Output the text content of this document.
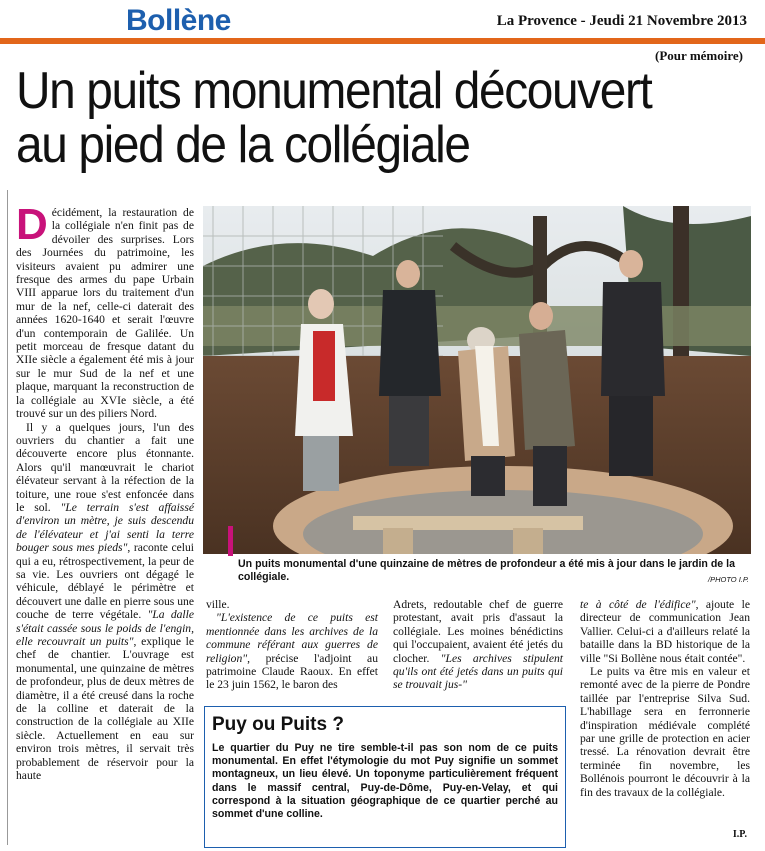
Bollène	La Provence - Jeudi 21 Novembre 2013
(Pour mémoire)
Un puits monumental découvert au pied de la collégiale

Décidément, la restauration de la collégiale n'en finit pas de dévoiler des surprises. Lors des Journées du patrimoine, les visiteurs avaient pu admirer une fresque des armes du pape Urbain VIII apparue lors du traitement d'un mur de la nef, celle-ci daterait des années 1620-1640 et serait l'œuvre d'un contemporain de Galilée. Un petit morceau de fresque datant du XIIe siècle a également été mis à jour sur le mur Sud de la nef et une plaque, marquant la reconstruction de la collégiale au XVIe siècle, a été trouvé sur un des piliers Nord.

Il y a quelques jours, l'un des ouvriers du chantier a fait une découverte encore plus étonnante. Alors qu'il manœuvrait le chariot élévateur servant à la réfection de la toiture, une roue s'est enfoncée dans le sol. "Le terrain s'est affaissé d'environ un mètre, je suis descendu de l'élévateur et j'ai senti la terre bouger sous mes pieds", raconte celui qui a eu, rétrospectivement, la peur de sa vie. Les ouvriers ont dégagé le véhicule, déblayé le périmètre et découvert une dalle en pierre sous une couche de terre végétale. "La dalle s'était cassée sous le poids de l'engin, elle recouvrait un puits", explique le chef de chantier. L'ouvrage est monumental, une quinzaine de mètres de profondeur, plus de deux mètres de diamètre, il a été creusé dans la roche de la colline et daterait de la construction de la collégiale au XIIe siècle. Actuellement en eau sur environ trois mètres, il servait très probablement de réservoir pour la haute

Un puits monumental d'une quinzaine de mètres de profondeur a été mis à jour dans le jardin de la collégiale.	/PHOTO I.P.

ville.

"L'existence de ce puits est mentionnée dans les archives de la commune référant aux guerres de religion", précise l'adjoint au patrimoine Claude Raoux. En effet le 23 juin 1562, le baron des

Adrets, redoutable chef de guerre protestant, avait pris d'assaut la collégiale. Les moines bénédictins qui l'occupaient, avaient été jetés du clocher. "Les archives stipulent qu'ils ont été jetés dans un puits qui se trouvait jus-"

te à côté de l'édifice", ajoute le directeur de communication Jean Vallier. Celui-ci a d'ailleurs relaté la bataille dans la BD historique de la ville "Si Bollène nous était contée".

Le puits va être mis en valeur et remonté avec de la pierre de Pondre taillée par l'entreprise Silva Sud. L'habillage sera en ferronnerie d'inspiration médiévale complété par une grille de protection en acier tressé. La rénovation devrait être terminée fin novembre, les Bollénois pourront le découvrir à la fin des travaux de la collégiale.

Puy ou Puits ?

Le quartier du Puy ne tire semble-t-il pas son nom de ce puits monumental. En effet l'étymologie du mot Puy signifie un sommet montagneux, un lieu élevé. Un toponyme particulièrement fréquent dans le massif central, Puy-de-Dôme, Puy-en-Velay, et qui correspond à la situation géographique de ce quartier perché au sommet d'une colline.

I.P.
